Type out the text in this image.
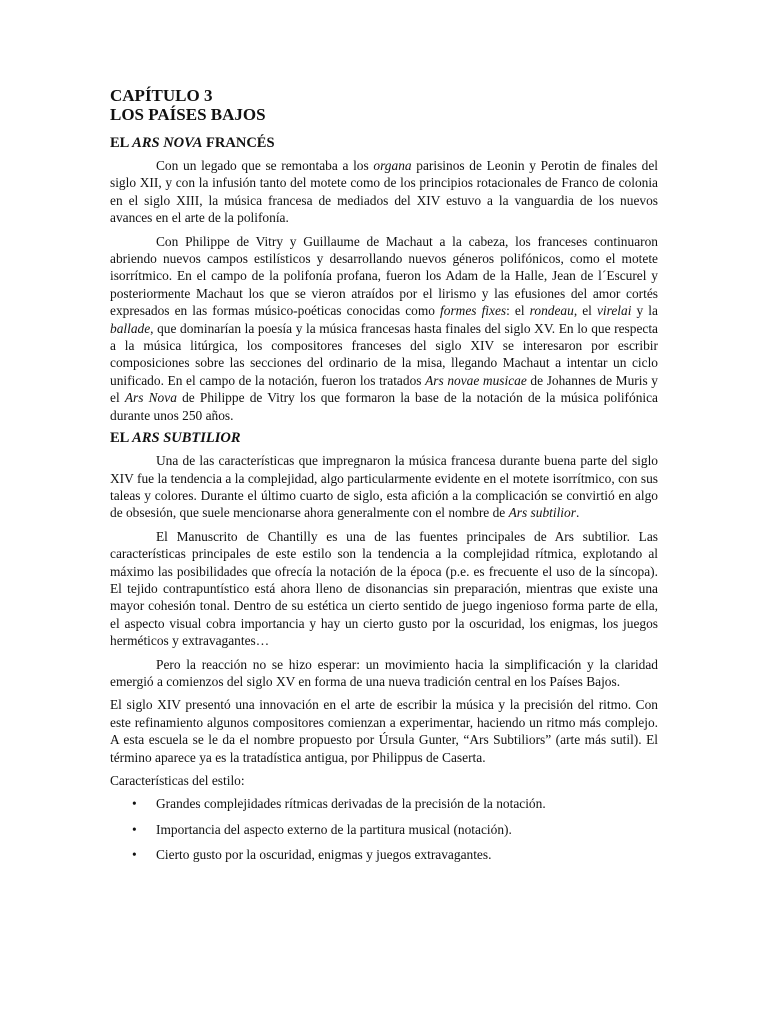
CAPÍTULO 3
LOS PAÍSES BAJOS
EL ARS NOVA FRANCÉS

Con un legado que se remontaba a los organa parisinos de Leonin y Perotin de finales del siglo XII, y con la infusión tanto del motete como de los principios rotacionales de Franco de colonia en el siglo XIII, la música francesa de mediados del XIV estuvo a la vanguardia de los nuevos avances en el arte de la polifonía.

Con Philippe de Vitry y Guillaume de Machaut a la cabeza, los franceses continuaron abriendo nuevos campos estilísticos y desarrollando nuevos géneros polifónicos, como el motete isorrítmico. En el campo de la polifonía profana, fueron los Adam de la Halle, Jean de l´Escurel y posteriormente Machaut los que se vieron atraídos por el lirismo y las efusiones del amor cortés expresados en las formas músico-poéticas conocidas como formes fixes: el rondeau, el virelai y la ballade, que dominarían la poesía y la música francesas hasta finales del siglo XV. En lo que respecta a la música litúrgica, los compositores franceses del siglo XIV se interesaron por escribir composiciones sobre las secciones del ordinario de la misa, llegando Machaut a intentar un ciclo unificado. En el campo de la notación, fueron los tratados Ars novae musicae de Johannes de Muris y el Ars Nova de Philippe de Vitry los que formaron la base de la notación de la música polifónica durante unos 250 años.

EL ARS SUBTILIOR

Una de las características que impregnaron la música francesa durante buena parte del siglo XIV fue la tendencia a la complejidad, algo particularmente evidente en el motete isorrítmico, con sus taleas y colores. Durante el último cuarto de siglo, esta afición a la complicación se convirtió en algo de obsesión, que suele mencionarse ahora generalmente con el nombre de Ars subtilior.

El Manuscrito de Chantilly es una de las fuentes principales de Ars subtilior. Las características principales de este estilo son la tendencia a la complejidad rítmica, explotando al máximo las posibilidades que ofrecía la notación de la época (p.e. es frecuente el uso de la síncopa). El tejido contrapuntístico está ahora lleno de disonancias sin preparación, mientras que existe una mayor cohesión tonal. Dentro de su estética un cierto sentido de juego ingenioso forma parte de ella, el aspecto visual cobra importancia y hay un cierto gusto por la oscuridad, los enigmas, los juegos herméticos y extravagantes…

Pero la reacción no se hizo esperar: un movimiento hacia la simplificación y la claridad emergió a comienzos del siglo XV en forma de una nueva tradición central en los Países Bajos.

El siglo XIV presentó una innovación en el arte de escribir la música y la precisión del ritmo. Con este refinamiento algunos compositores comienzan a experimentar, haciendo un ritmo más complejo. A esta escuela se le da el nombre propuesto por Úrsula Gunter, “Ars Subtiliors” (arte más sutil). El término aparece ya es la tratadística antigua, por Philippus de Caserta.

Características del estilo:

• Grandes complejidades rítmicas derivadas de la precisión de la notación.
• Importancia del aspecto externo de la partitura musical (notación).
• Cierto gusto por la oscuridad, enigmas y juegos extravagantes.
